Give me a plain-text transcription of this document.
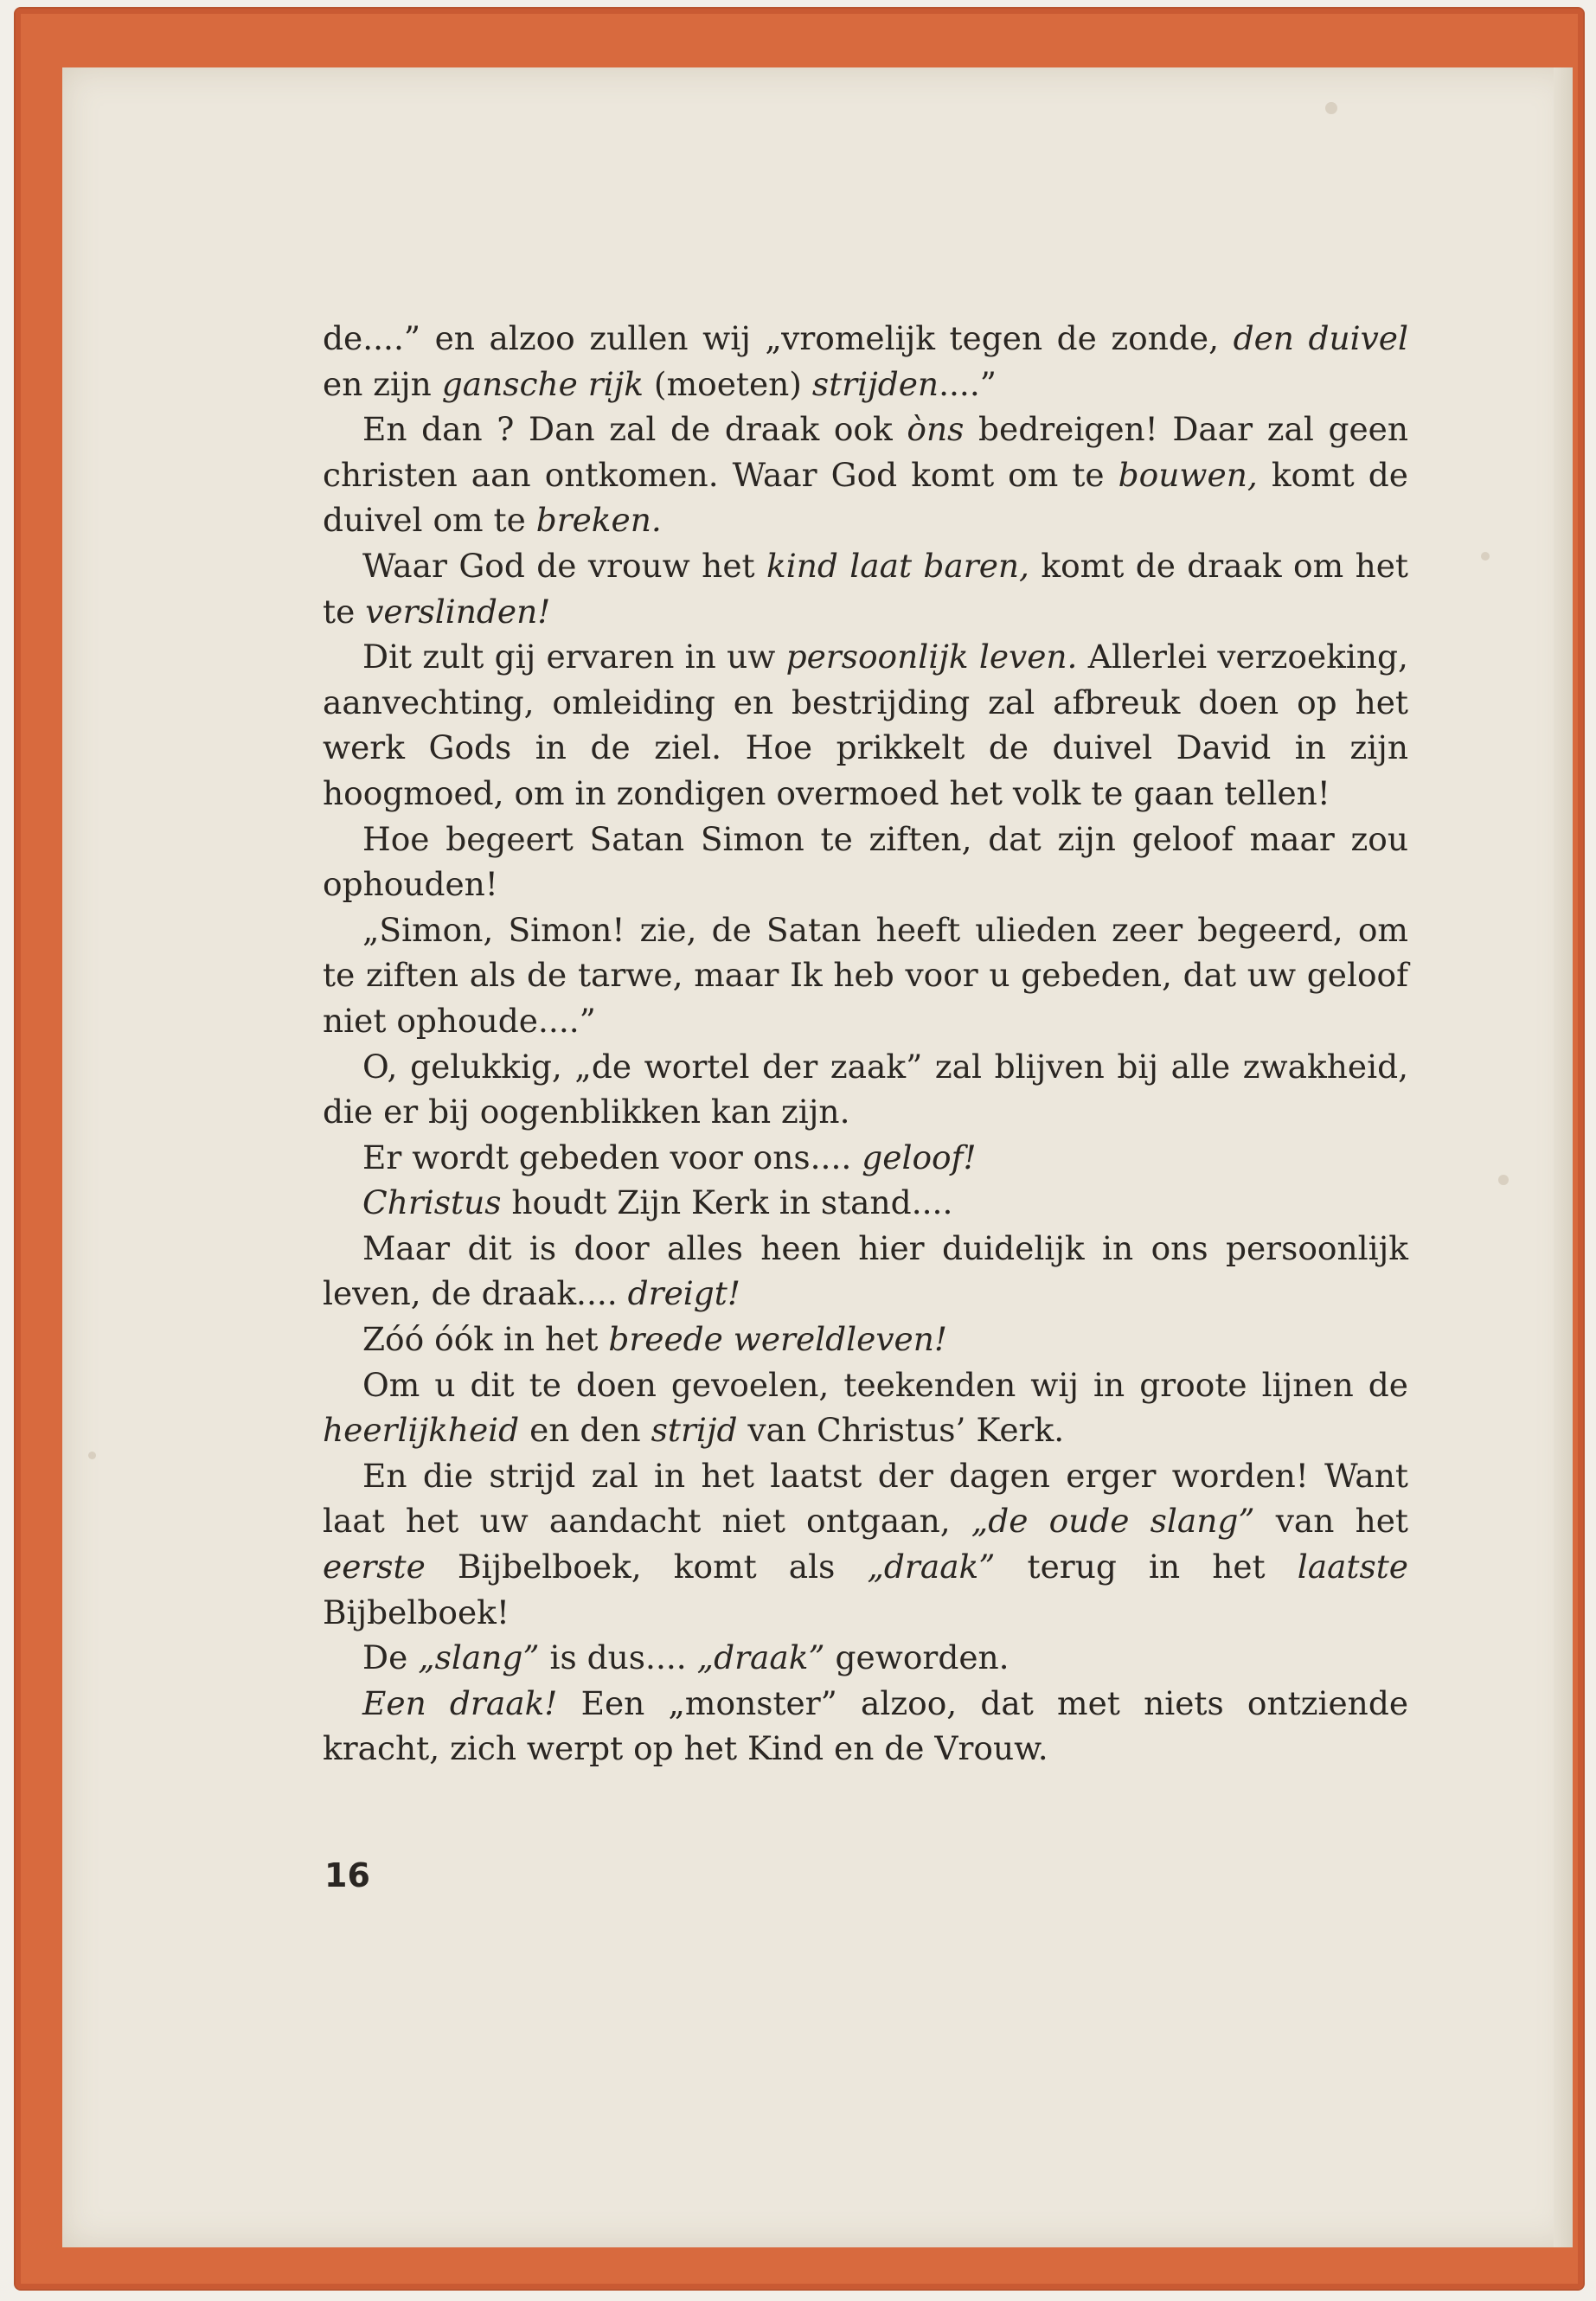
de....” en alzoo zullen wij „vromelijk tegen de zonde, den duivel en zijn gansche rijk (moeten) strijden....”

En dan ? Dan zal de draak ook òns bedreigen! Daar zal geen christen aan ontkomen. Waar God komt om te bouwen, komt de duivel om te breken.

Waar God de vrouw het kind laat baren, komt de draak om het te verslinden!

Dit zult gij ervaren in uw persoonlijk leven. Allerlei verzoeking, aanvechting, omleiding en bestrijding zal afbreuk doen op het werk Gods in de ziel. Hoe prikkelt de duivel David in zijn hoogmoed, om in zondigen overmoed het volk te gaan tellen!

Hoe begeert Satan Simon te ziften, dat zijn geloof maar zou ophouden!

„Simon, Simon! zie, de Satan heeft ulieden zeer begeerd, om te ziften als de tarwe, maar Ik heb voor u gebeden, dat uw geloof niet ophoude....”

O, gelukkig, „de wortel der zaak” zal blijven bij alle zwakheid, die er bij oogenblikken kan zijn.

Er wordt gebeden voor ons.... geloof!

Christus houdt Zijn Kerk in stand....

Maar dit is door alles heen hier duidelijk in ons persoonlijk leven, de draak.... dreigt!

Zóó óók in het breede wereldleven!

Om u dit te doen gevoelen, teekenden wij in groote lijnen de heerlijkheid en den strijd van Christus’ Kerk.

En die strijd zal in het laatst der dagen erger worden! Want laat het uw aandacht niet ontgaan, „de oude slang” van het eerste Bijbelboek, komt als „draak” terug in het laatste Bijbelboek!

De „slang” is dus.... „draak” geworden.

Een draak! Een „monster” alzoo, dat met niets ontziende kracht, zich werpt op het Kind en de Vrouw.

16
